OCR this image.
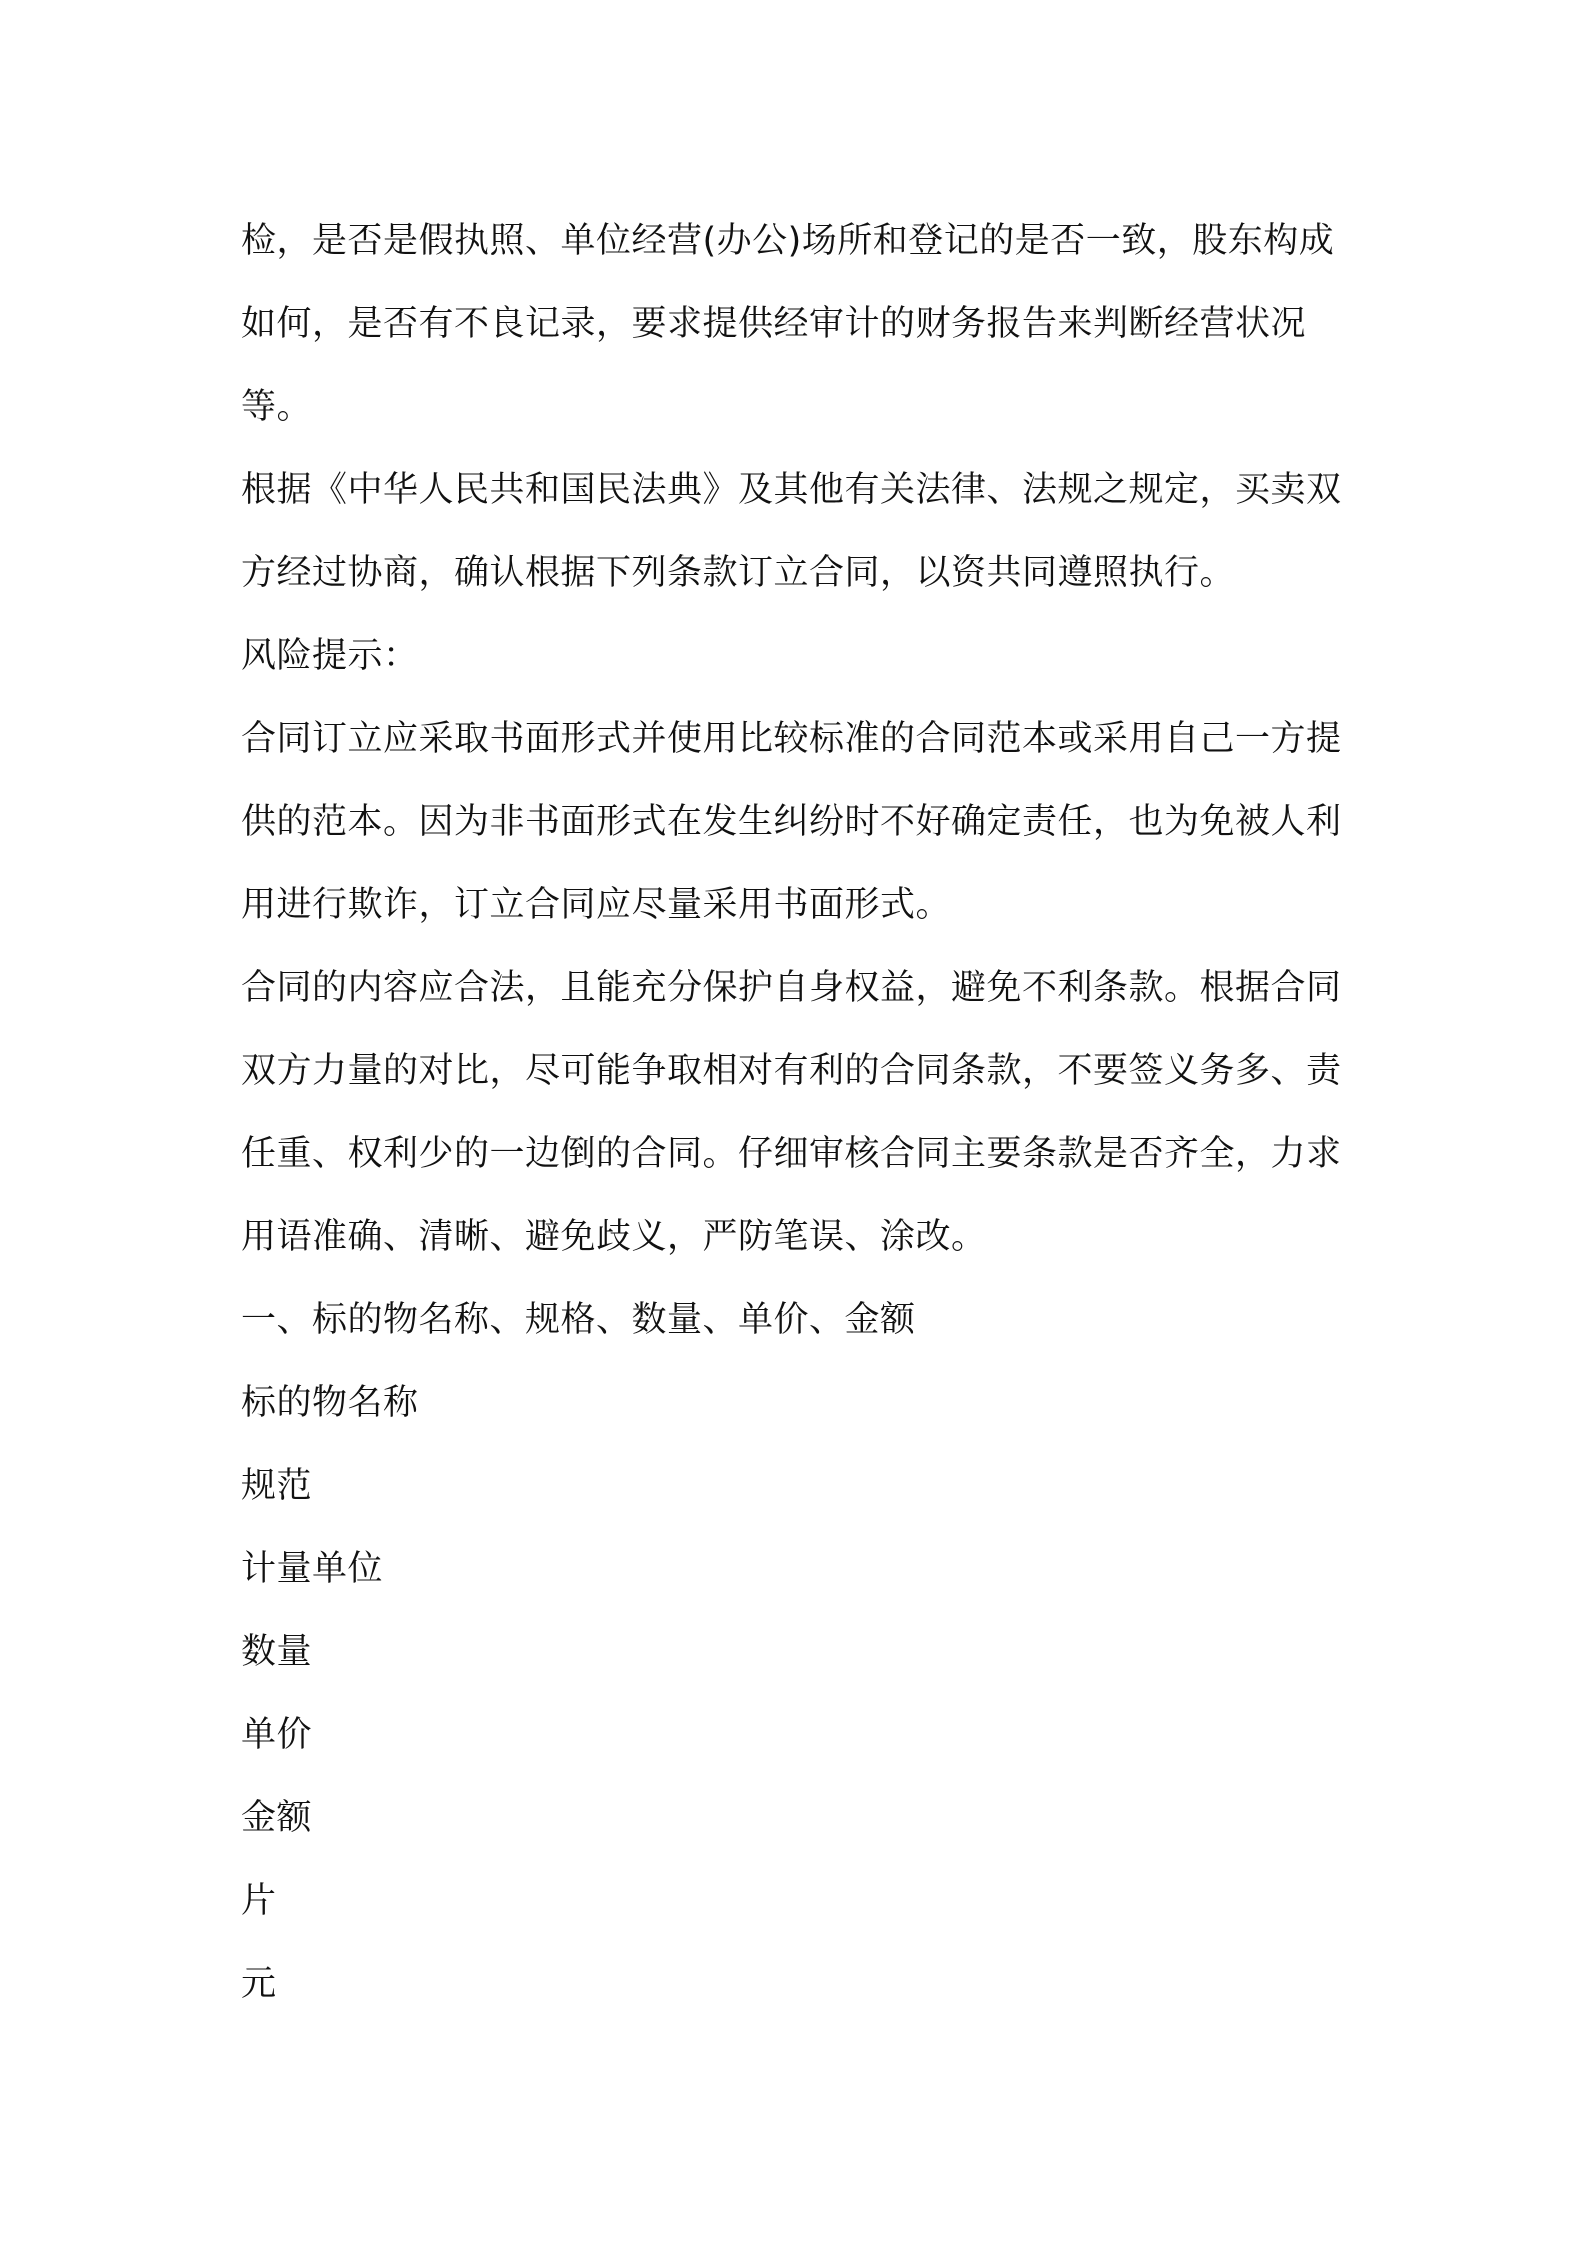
检，是否是假执照、单位经营(办公)场所和登记的是否一致，股东构成如何，是否有不良记录，要求提供经审计的财务报告来判断经营状况等。

根据《中华人民共和国民法典》及其他有关法律、法规之规定，买卖双方经过协商，确认根据下列条款订立合同，以资共同遵照执行。

风险提示：

合同订立应采取书面形式并使用比较标准的合同范本或采用自己一方提供的范本。因为非书面形式在发生纠纷时不好确定责任，也为免被人利用进行欺诈，订立合同应尽量采用书面形式。

合同的内容应合法，且能充分保护自身权益，避免不利条款。根据合同双方力量的对比，尽可能争取相对有利的合同条款，不要签义务多、责任重、权利少的一边倒的合同。仔细审核合同主要条款是否齐全，力求用语准确、清晰、避免歧义，严防笔误、涂改。

一、标的物名称、规格、数量、单价、金额

标的物名称

规范

计量单位

数量

单价

金额

片

元
